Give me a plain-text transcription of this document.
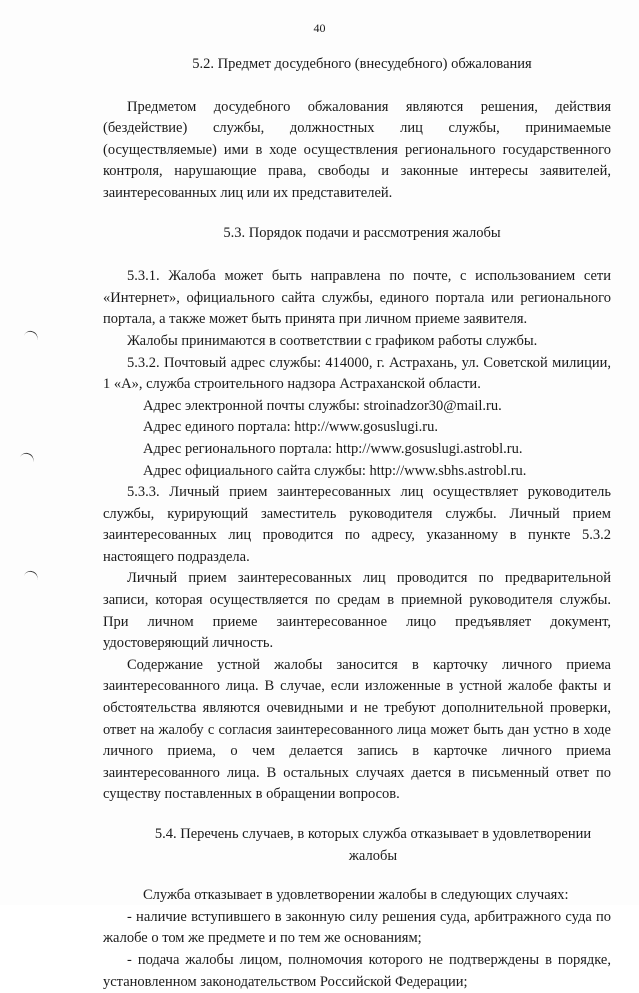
40
5.2. Предмет досудебного (внесудебного) обжалования

Предметом досудебного обжалования являются решения, действия (бездействие) службы, должностных лиц службы, принимаемые (осуществляемые) ими в ходе осуществления регионального государственного контроля, нарушающие права, свободы и законные интересы заявителей, заинтересованных лиц или их представителей.

5.3. Порядок подачи и рассмотрения жалобы

5.3.1. Жалоба может быть направлена по почте, с использованием сети «Интернет», официального сайта службы, единого портала или регионального портала, а также может быть принята при личном приеме заявителя.

Жалобы принимаются в соответствии с графиком работы службы.

5.3.2. Почтовый адрес службы: 414000, г. Астрахань, ул. Советской милиции, 1 «А», служба строительного надзора Астраханской области.

Адрес электронной почты службы: stroinadzor30@mail.ru.

Адрес единого портала: http://www.gosuslugi.ru.

Адрес регионального портала: http://www.gosuslugi.astrobl.ru.

Адрес официального сайта службы: http://www.sbhs.astrobl.ru.

5.3.3. Личный прием заинтересованных лиц осуществляет руководитель службы, курирующий заместитель руководителя службы. Личный прием заинтересованных лиц проводится по адресу, указанному в пункте 5.3.2 настоящего подраздела.

Личный прием заинтересованных лиц проводится по предварительной записи, которая осуществляется по средам в приемной руководителя службы. При личном приеме заинтересованное лицо предъявляет документ, удостоверяющий личность.

Содержание устной жалобы заносится в карточку личного приема заинтересованного лица. В случае, если изложенные в устной жалобе факты и обстоятельства являются очевидными и не требуют дополнительной проверки, ответ на жалобу с согласия заинтересованного лица может быть дан устно в ходе личного приема, о чем делается запись в карточке личного приема заинтересованного лица. В остальных случаях дается в письменный ответ по существу поставленных в обращении вопросов.

5.4. Перечень случаев, в которых служба отказывает в удовлетворении
жалобы

Служба отказывает в удовлетворении жалобы в следующих случаях:

- наличие вступившего в законную силу решения суда, арбитражного суда по жалобе о том же предмете и по тем же основаниям;

- подача жалобы лицом, полномочия которого не подтверждены в порядке, установленном законодательством Российской Федерации;
